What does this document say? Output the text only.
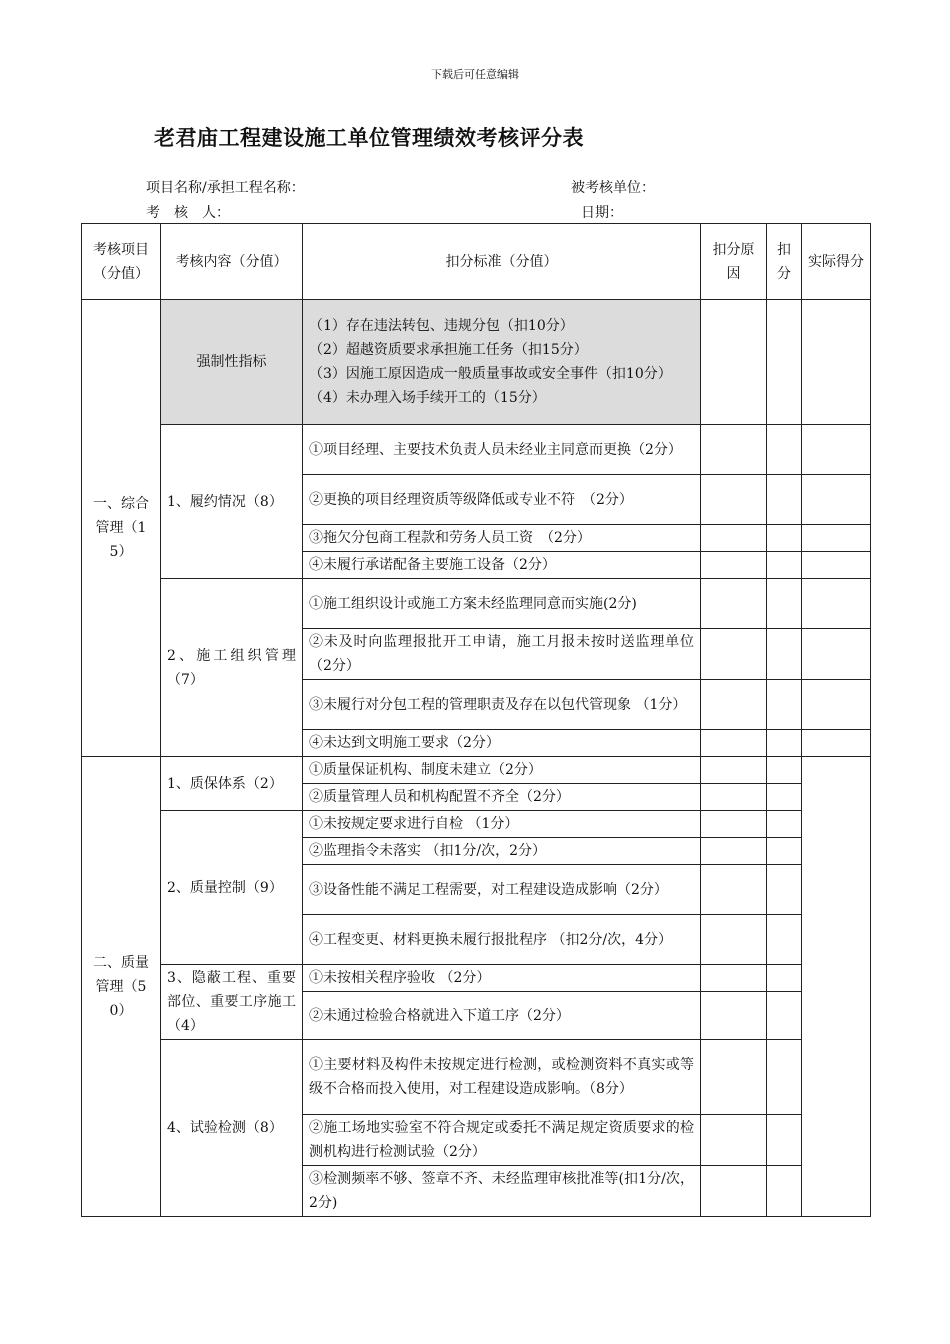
下载后可任意编辑
老君庙工程建设施工单位管理绩效考核评分表
项目名称/承担工程名称：	被考核单位：
考　核　人：	日期：
考核项目（分值）	考核内容（分值）	扣分标准（分值）	扣分原因	扣分	实际得分
一、综合管理（15）	强制性指标	（1）存在违法转包、违规分包（扣10分）
（2）超越资质要求承担施工任务（扣15分）
（3）因施工原因造成一般质量事故或安全事件（扣10分）
（4）未办理入场手续开工的（15分）			

	1、履约情况（8）	①项目经理、主要技术负责人员未经业主同意而更换（2分）			
		②更换的项目经理资质等级降低或专业不符　（2分）			
		③拖欠分包商工程款和劳务人员工资　（2分）			
		④未履行承诺配备主要施工设备（2分）			
	2、施工组织管理（7）	①施工组织设计或施工方案未经监理同意而实施(2分)			
		②未及时向监理报批开工申请，施工月报未按时送监理单位（2分）			
		③未履行对分包工程的管理职责及存在以包代管现象 （1分）			
		④未达到文明施工要求（2分）			
二、质量管理（50）	1、质保体系（2）	①质量保证机构、制度未建立（2分）			
		②质量管理人员和机构配置不齐全（2分）			
	2、质量控制（9）	①未按规定要求进行自检 （1分）			
		②监理指令未落实 （扣1分/次，2分）			
		③设备性能不满足工程需要，对工程建设造成影响（2分）			
		④工程变更、材料更换未履行报批程序 （扣2分/次，4分）			
	3、隐蔽工程、重要部位、重要工序施工 （4）	①未按相关程序验收 （2分）			
		②未通过检验合格就进入下道工序（2分）			
	4、试验检测（8）	①主要材料及构件未按规定进行检测，或检测资料不真实或等级不合格而投入使用，对工程建设造成影响。（8分）			
		②施工场地实验室不符合规定或委托不满足规定资质要求的检测机构进行检测试验（2分）			
		③检测频率不够、签章不齐、未经监理审核批准等(扣1分/次，2分)			
